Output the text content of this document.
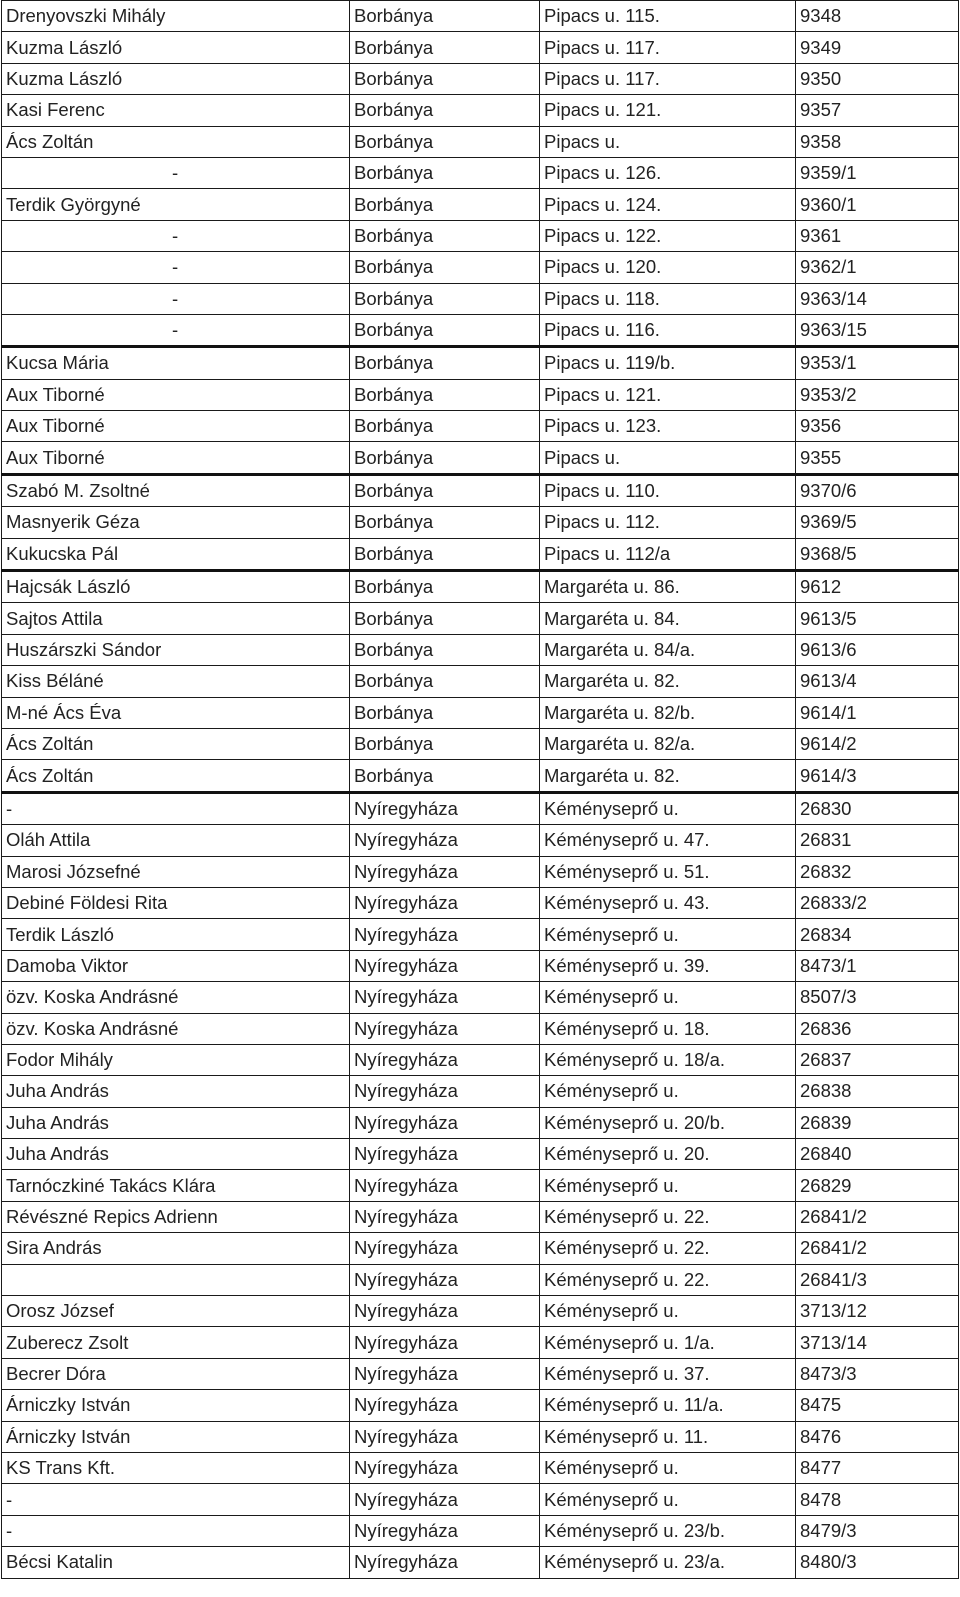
Drenyovszki Mihály	Borbánya	Pipacs u. 115.	9348
Kuzma László	Borbánya	Pipacs u. 117.	9349
Kuzma László	Borbánya	Pipacs u. 117.	9350
Kasi Ferenc	Borbánya	Pipacs u. 121.	9357
Ács Zoltán	Borbánya	Pipacs u.	9358
-	Borbánya	Pipacs u. 126.	9359/1
Terdik Györgyné	Borbánya	Pipacs u. 124.	9360/1
-	Borbánya	Pipacs u. 122.	9361
-	Borbánya	Pipacs u. 120.	9362/1
-	Borbánya	Pipacs u. 118.	9363/14
-	Borbánya	Pipacs u. 116.	9363/15
Kucsa Mária	Borbánya	Pipacs u. 119/b.	9353/1
Aux Tiborné	Borbánya	Pipacs u. 121.	9353/2
Aux Tiborné	Borbánya	Pipacs u. 123.	9356
Aux Tiborné	Borbánya	Pipacs u.	9355
Szabó M. Zsoltné	Borbánya	Pipacs u. 110.	9370/6
Masnyerik Géza	Borbánya	Pipacs u. 112.	9369/5
Kukucska Pál	Borbánya	Pipacs u. 112/a	9368/5
Hajcsák László	Borbánya	Margaréta u. 86.	9612
Sajtos Attila	Borbánya	Margaréta u. 84.	9613/5
Huszárszki Sándor	Borbánya	Margaréta u. 84/a.	9613/6
Kiss Béláné	Borbánya	Margaréta u. 82.	9613/4
M-né Ács Éva	Borbánya	Margaréta u. 82/b.	9614/1
Ács Zoltán	Borbánya	Margaréta u. 82/a.	9614/2
Ács Zoltán	Borbánya	Margaréta u. 82.	9614/3
-	Nyíregyháza	Kéményseprő u.	26830
Oláh Attila	Nyíregyháza	Kéményseprő u. 47.	26831
Marosi Józsefné	Nyíregyháza	Kéményseprő u. 51.	26832
Debiné Földesi Rita	Nyíregyháza	Kéményseprő u. 43.	26833/2
Terdik László	Nyíregyháza	Kéményseprő u.	26834
Damoba Viktor	Nyíregyháza	Kéményseprő u. 39.	8473/1
özv. Koska Andrásné	Nyíregyháza	Kéményseprő u.	8507/3
özv. Koska Andrásné	Nyíregyháza	Kéményseprő u. 18.	26836
Fodor Mihály	Nyíregyháza	Kéményseprő u. 18/a.	26837
Juha András	Nyíregyháza	Kéményseprő u.	26838
Juha András	Nyíregyháza	Kéményseprő u. 20/b.	26839
Juha András	Nyíregyháza	Kéményseprő u. 20.	26840
Tarnóczkiné Takács Klára	Nyíregyháza	Kéményseprő u.	26829
Révészné Repics Adrienn	Nyíregyháza	Kéményseprő u. 22.	26841/2
Sira András	Nyíregyháza	Kéményseprő u. 22.	26841/2
	Nyíregyháza	Kéményseprő u. 22.	26841/3
Orosz József	Nyíregyháza	Kéményseprő u.	3713/12
Zuberecz Zsolt	Nyíregyháza	Kéményseprő u. 1/a.	3713/14
Becrer Dóra	Nyíregyháza	Kéményseprő u. 37.	8473/3
Árniczky István	Nyíregyháza	Kéményseprő u. 11/a.	8475
Árniczky István	Nyíregyháza	Kéményseprő u. 11.	8476
KS Trans Kft.	Nyíregyháza	Kéményseprő u.	8477
-	Nyíregyháza	Kéményseprő u.	8478
-	Nyíregyháza	Kéményseprő u. 23/b.	8479/3
Bécsi Katalin	Nyíregyháza	Kéményseprő u. 23/a.	8480/3
